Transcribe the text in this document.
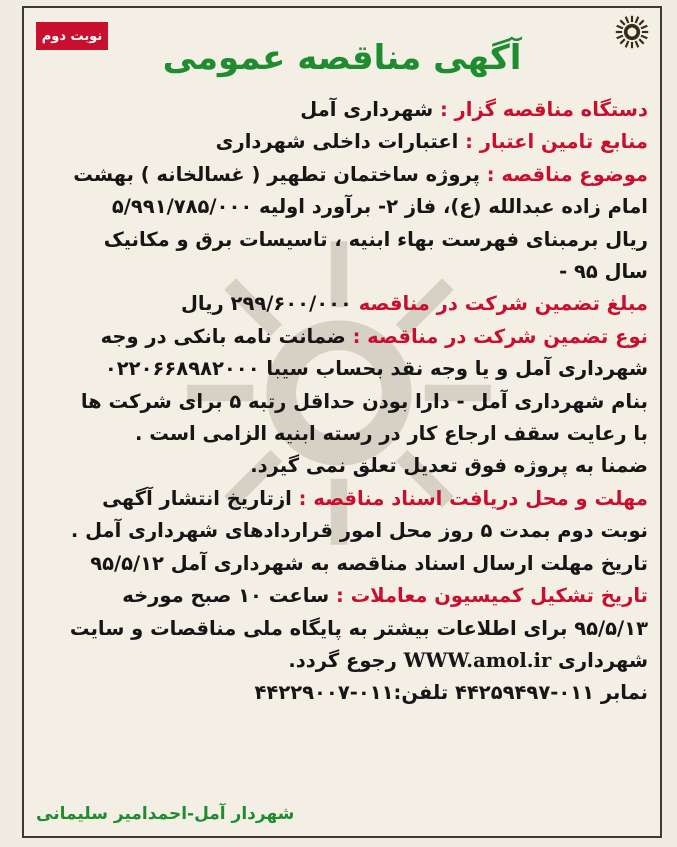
نوبت دوم
آگهی مناقصه عمومی
دستگاه مناقصه گزار : شهرداری آمل
منابع تامین اعتبار : اعتبارات داخلی شهرداری
موضوع مناقصه : پروژه ساختمان تطهیر ( غسالخانه ) بهشت
امام زاده عبدالله (ع)، فاز ۲- برآورد اولیه ۵/۹۹۱/۷۸۵/۰۰۰
ریال برمبنای فهرست بهاء ابنیه ، تاسیسات برق و مکانیک
سال ۹۵ -
مبلغ تضمین شرکت در مناقصه ۲۹۹/۶۰۰/۰۰۰ ریال
نوع تضمین شرکت در مناقصه : ضمانت نامه بانکی در وجه
شهرداری آمل و یا وجه نقد بحساب سیبا ۰۲۲۰۶۶۸۹۸۲۰۰۰
بنام شهرداری آمل - دارا بودن حداقل رتبه ۵ برای شرکت ها
با رعایت سقف ارجاع کار در رسته ابنیه الزامی است .
ضمنا به پروژه فوق تعدیل تعلق نمی گیرد.
مهلت و محل دریافت اسناد مناقصه : ازتاریخ انتشار آگهی
نوبت دوم بمدت ۵ روز محل امور قراردادهای شهرداری آمل .
تاریخ مهلت ارسال اسناد مناقصه به شهرداری آمل ۹۵/۵/۱۲
تاریخ تشکیل کمیسیون معاملات : ساعت ۱۰ صبح مورخه
۹۵/۵/۱۳ برای اطلاعات بیشتر به پایگاه ملی مناقصات و سایت
شهرداری WWW.amol.ir رجوع گردد.
نمابر ۰۱۱-۴۴۲۵۹۴۹۷ تلفن:۰۱۱-۴۴۲۲۹۰۰۷
شهردار آمل-احمدامیر سلیمانی
